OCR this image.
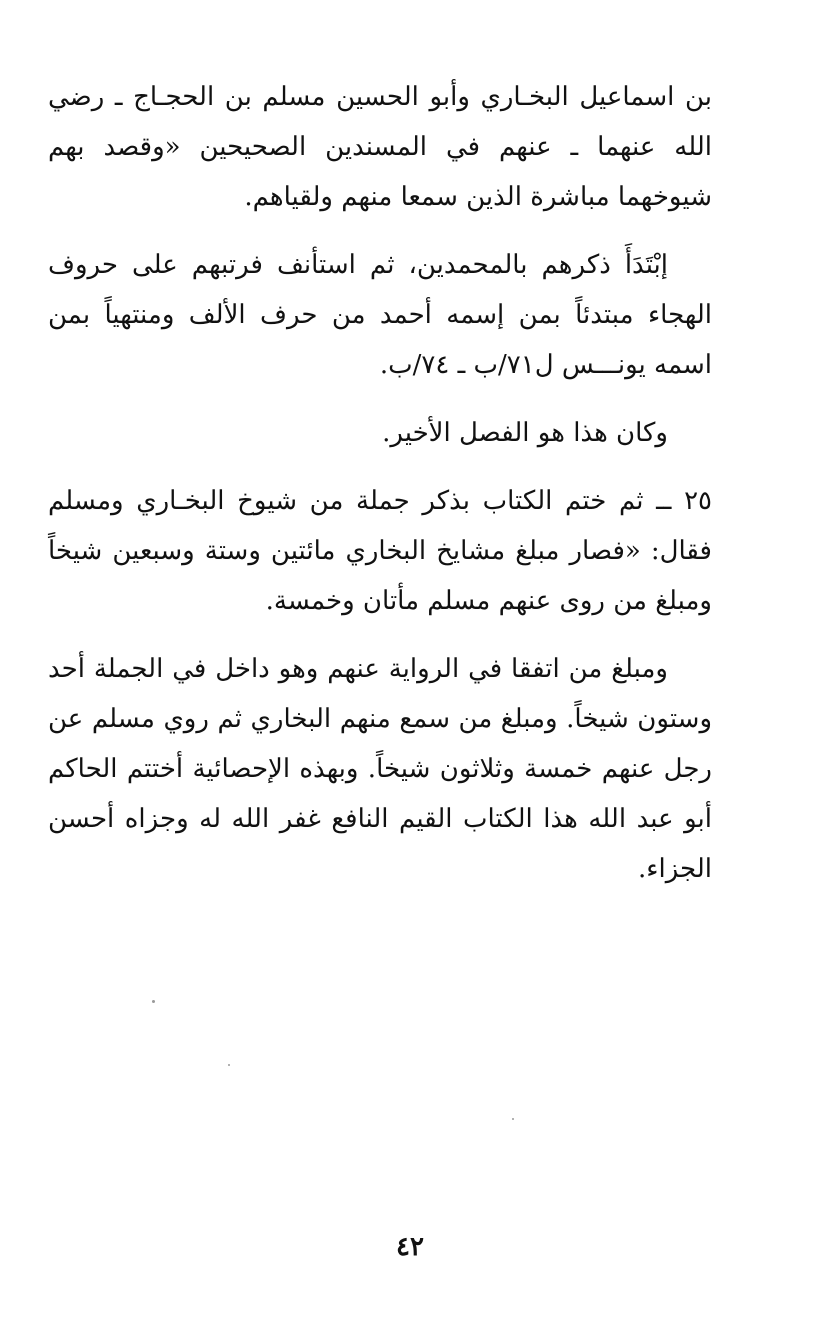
بن اسماعيل البخـاري وأبو الحسين مسلم بن الحجـاج ـ رضي الله عنهما ـ عنهم في المسندين الصحيحين «وقصد بهم شيوخهما مباشرة الذين سمعا منهم ولقياهم.

إبْتَدَأَ ذكرهم بالمحمدين، ثم استأنف فرتبهم على حروف الهجاء مبتدئاً بمن إسمه أحمد من حرف الألف ومنتهياً بمن اسمه يونـــس ل٧١/ب ـ ٧٤/ب.

وكان هذا هو الفصل الأخير.

٢٥ ــ ثم ختم الكتاب بذكر جملة من شيوخ البخـاري ومسلم فقال: «فصار مبلغ مشايخ البخاري مائتين وستة وسبعين شيخاً ومبلغ من روى عنهم مسلم مأتان وخمسة.

ومبلغ من اتفقا في الرواية عنهم وهو داخل في الجملة أحد وستون شيخاً. ومبلغ من سمع منهم البخاري ثم روي مسلم عن رجل عنهم خمسة وثلاثون شيخاً. وبهذه الإحصائية أختتم الحاكم أبو عبد الله هذا الكتاب القيم النافع غفر الله له وجزاه أحسن الجزاء.

٤٢
